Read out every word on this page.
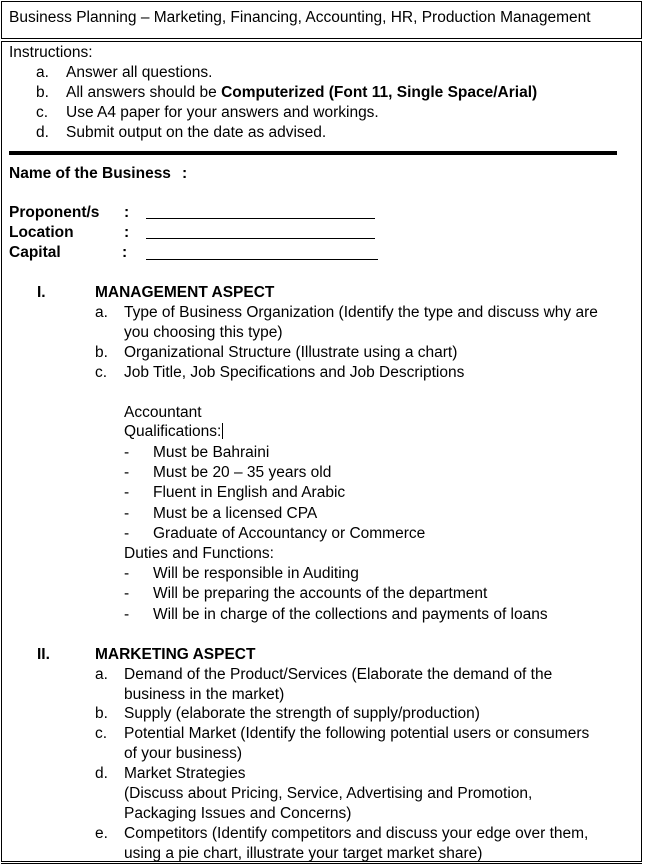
Business Planning – Marketing, Financing, Accounting, HR, Production Management
Instructions:
a. Answer all questions.
b. All answers should be Computerized (Font 11, Single Space/Arial)
c. Use A4 paper for your answers and workings.
d. Submit output on the date as advised.
Name of the Business :
Proponent/s :
Location	:
Capital	:
I.	MANAGEMENT ASPECT
a. Type of Business Organization (Identify the type and discuss why are
you choosing this type)
b. Organizational Structure (Illustrate using a chart)
c. Job Title, Job Specifications and Job Descriptions
Accountant
Qualifications:
- Must be Bahraini
- Must be 20 – 35 years old
- Fluent in English and Arabic
- Must be a licensed CPA
- Graduate of Accountancy or Commerce
Duties and Functions:
- Will be responsible in Auditing
- Will be preparing the accounts of the department
- Will be in charge of the collections and payments of loans
II.	MARKETING ASPECT
a. Demand of the Product/Services (Elaborate the demand of the
business in the market)
b. Supply (elaborate the strength of supply/production)
c. Potential Market (Identify the following potential users or consumers
of your business)
d. Market Strategies
(Discuss about Pricing, Service, Advertising and Promotion,
Packaging Issues and Concerns)
e. Competitors (Identify competitors and discuss your edge over them,
using a pie chart, illustrate your target market share)
